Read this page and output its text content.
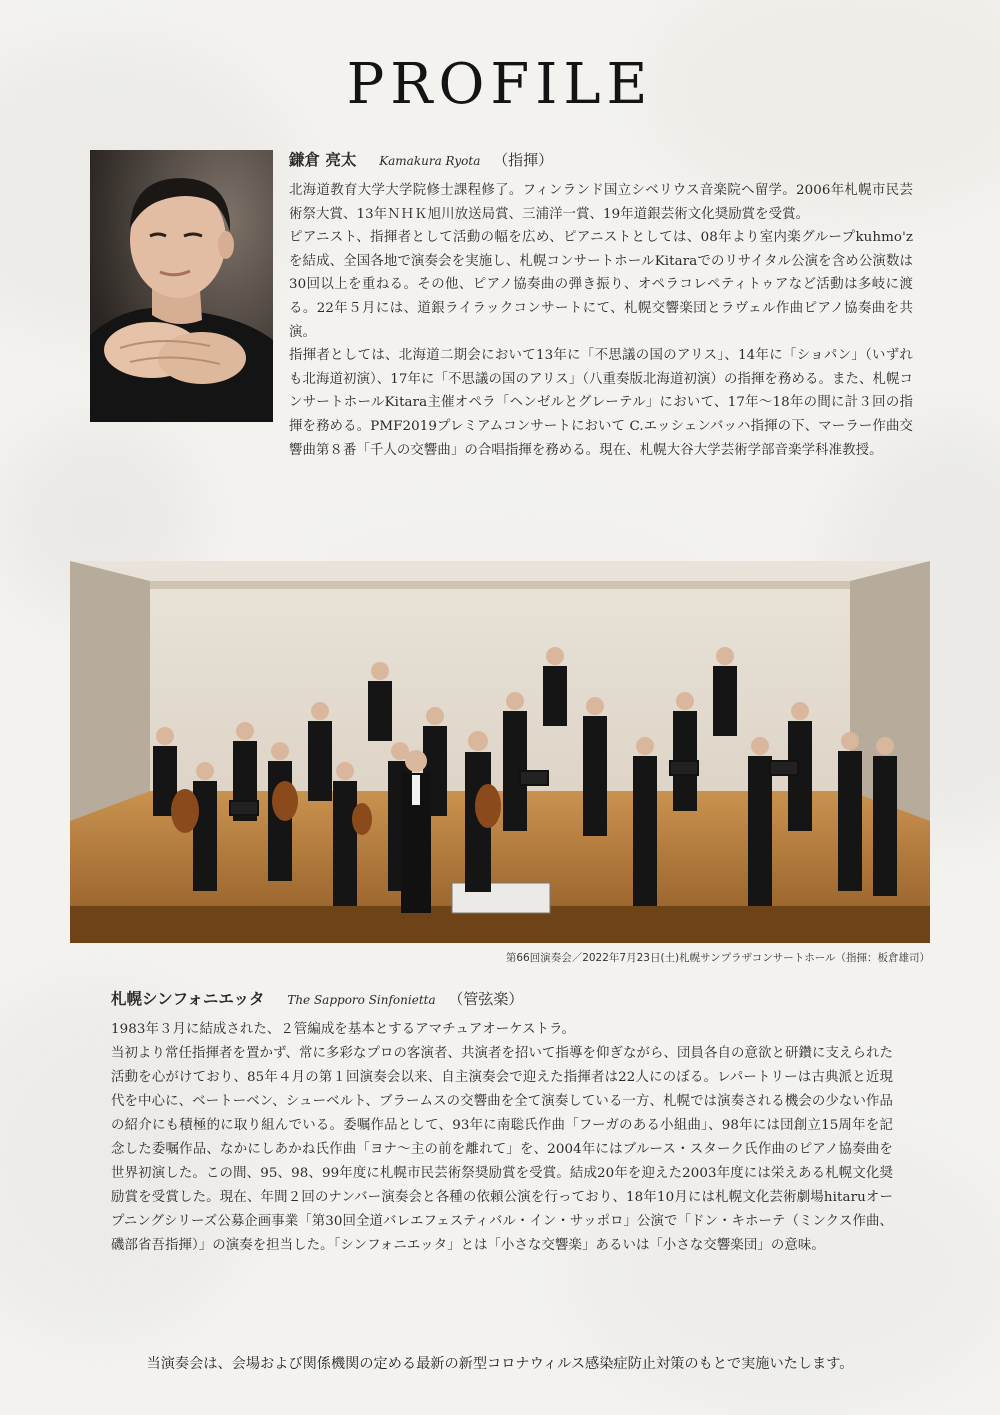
PROFILE
鎌倉 亮太 Kamakura Ryota （指揮）

北海道教育大学大学院修士課程修了。フィンランド国立シベリウス音楽院へ留学。2006年札幌市民芸術祭大賞、13年ＮＨＫ旭川放送局賞、三浦洋一賞、19年道銀芸術文化奨励賞を受賞。

ピアニスト、指揮者として活動の幅を広め、ピアニストとしては、08年より室内楽グループkuhmo'z を結成、全国各地で演奏会を実施し、札幌コンサートホールKitaraでのリサイタル公演を含め公演数は30回以上を重ねる。その他、ピアノ協奏曲の弾き振り、オペラコレペティトゥアなど活動は多岐に渡る。22年５月には、道銀ライラックコンサートにて、札幌交響楽団とラヴェル作曲ピアノ協奏曲を共演。

指揮者としては、北海道二期会において13年に「不思議の国のアリス」、14年に「ショパン」（いずれも北海道初演）、17年に「不思議の国のアリス」（八重奏版北海道初演）の指揮を務める。また、札幌コンサートホールKitara主催オペラ「ヘンゼルとグレーテル」において、17年～18年の間に計３回の指揮を務める。PMF2019プレミアムコンサートにおいて C.エッシェンバッハ指揮の下、マーラー作曲交響曲第８番「千人の交響曲」の合唱指揮を務める。現在、札幌大谷大学芸術学部音楽学科准教授。

第66回演奏会／2022年7月23日(土)札幌サンプラザコンサートホール（指揮：板倉雄司）
札幌シンフォニエッタ The Sapporo Sinfonietta （管弦楽）

1983年３月に結成された、２管編成を基本とするアマチュアオーケストラ。

当初より常任指揮者を置かず、常に多彩なプロの客演者、共演者を招いて指導を仰ぎながら、団員各自の意欲と研鑽に支えられた活動を心がけており、85年４月の第１回演奏会以来、自主演奏会で迎えた指揮者は22人にのぼる。レパートリーは古典派と近現代を中心に、ベートーベン、シューベルト、ブラームスの交響曲を全て演奏している一方、札幌では演奏される機会の少ない作品の紹介にも積極的に取り組んでいる。委嘱作品として、93年に南聡氏作曲「フーガのある小組曲」、98年には団創立15周年を記念した委嘱作品、なかにしあかね氏作曲「ヨナ～主の前を離れて」を、2004年にはブルース・スターク氏作曲のピアノ協奏曲を世界初演した。この間、95、98、99年度に札幌市民芸術祭奨励賞を受賞。結成20年を迎えた2003年度には栄えある札幌文化奨励賞を受賞した。現在、年間２回のナンバー演奏会と各種の依頼公演を行っており、18年10月には札幌文化芸術劇場hitaruオープニングシリーズ公募企画事業「第30回全道バレエフェスティバル・イン・サッポロ」公演で「ドン・キホーテ（ミンクス作曲、磯部省吾指揮）」の演奏を担当した。「シンフォニエッタ」とは「小さな交響楽」あるいは「小さな交響楽団」の意味。

当演奏会は、会場および関係機関の定める最新の新型コロナウィルス感染症防止対策のもとで実施いたします。
